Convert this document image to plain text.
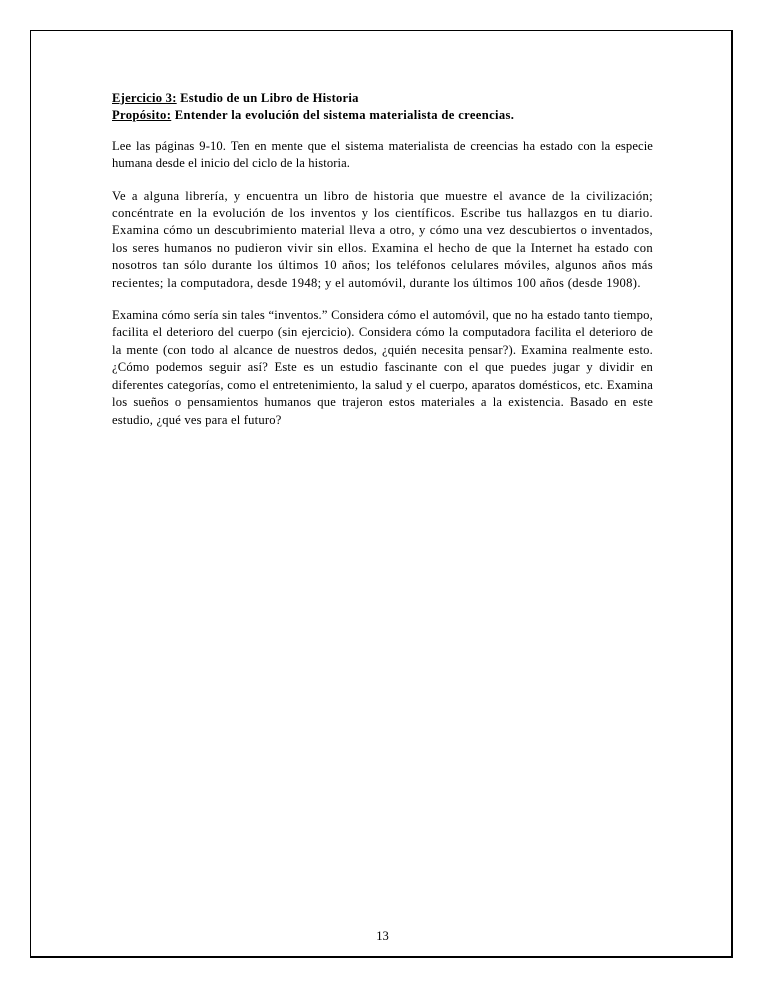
Ejercicio 3: Estudio de un Libro de Historia
Propósito: Entender la evolución del sistema materialista de creencias.

Lee las páginas 9-10. Ten en mente que el sistema materialista de creencias ha estado con la especie humana desde el inicio del ciclo de la historia.

Ve a alguna librería, y encuentra un libro de historia que muestre el avance de la civilización; concéntrate en la evolución de los inventos y los científicos. Escribe tus hallazgos en tu diario. Examina cómo un descubrimiento material lleva a otro, y cómo una vez descubiertos o inventados, los seres humanos no pudieron vivir sin ellos. Examina el hecho de que la Internet ha estado con nosotros tan sólo durante los últimos 10 años; los teléfonos celulares móviles, algunos años más recientes; la computadora, desde 1948; y el automóvil, durante los últimos 100 años (desde 1908).

Examina cómo sería sin tales “inventos.” Considera cómo el automóvil, que no ha estado tanto tiempo, facilita el deterioro del cuerpo (sin ejercicio). Considera cómo la computadora facilita el deterioro de la mente (con todo al alcance de nuestros dedos, ¿quién necesita pensar?). Examina realmente esto. ¿Cómo podemos seguir así? Este es un estudio fascinante con el que puedes jugar y dividir en diferentes categorías, como el entretenimiento, la salud y el cuerpo, aparatos domésticos, etc. Examina los sueños o pensamientos humanos que trajeron estos materiales a la existencia. Basado en este estudio, ¿qué ves para el futuro?

13
